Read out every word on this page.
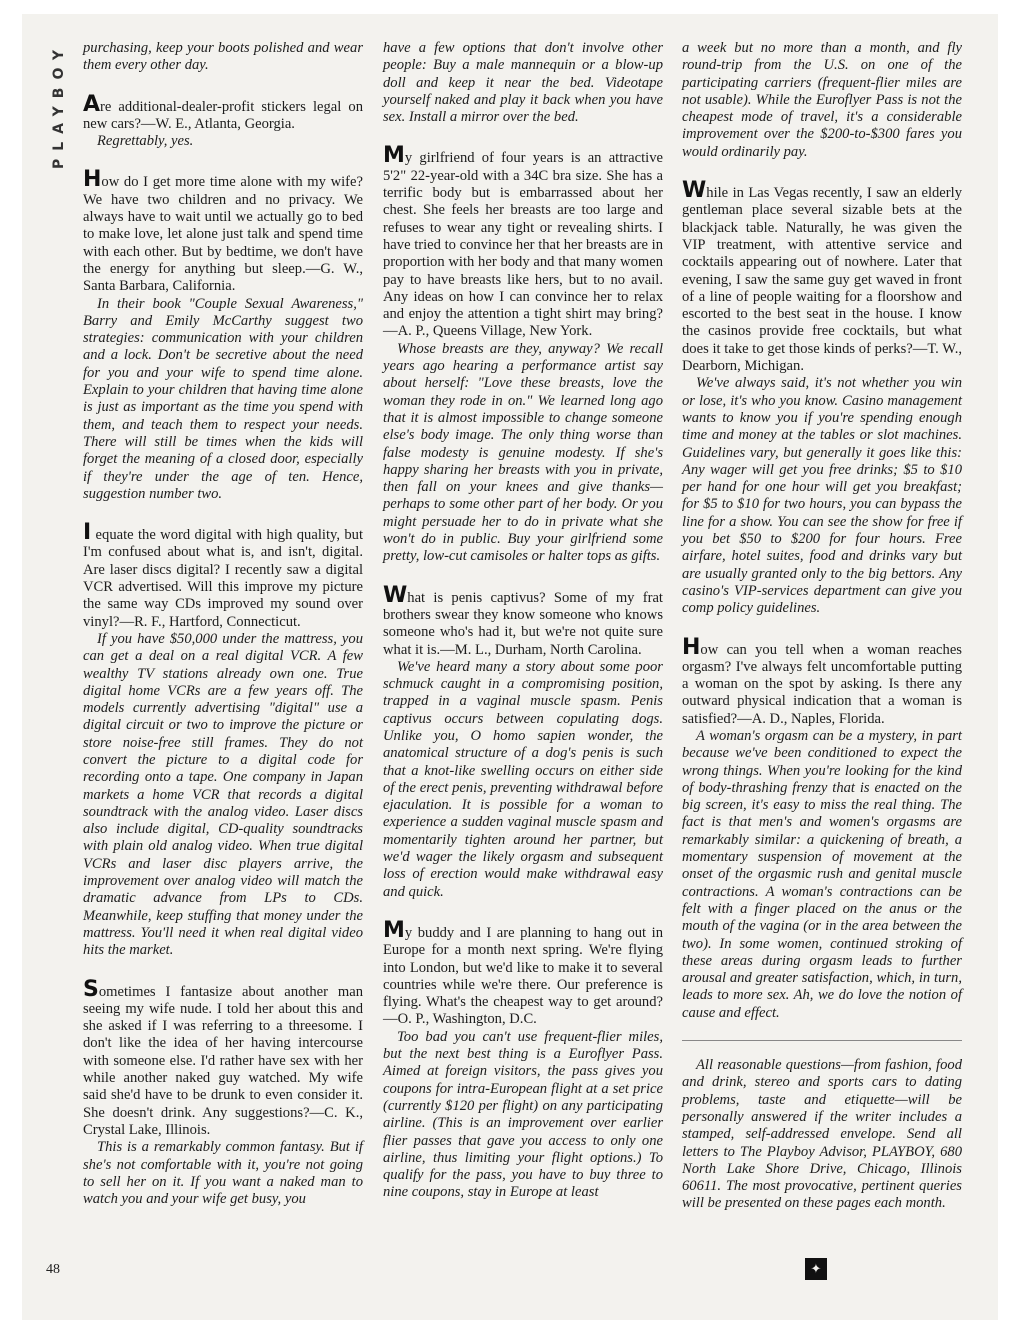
PLAYBOY purchasing, keep your boots polished and wear them every other day.

Are additional-dealer-profit stickers legal on new cars?—W. E., Atlanta, Georgia.

Regrettably, yes.

How do I get more time alone with my wife? We have two children and no privacy. We always have to wait until we actually go to bed to make love, let alone just talk and spend time with each other. But by bedtime, we don't have the energy for anything but sleep.—G. W., Santa Barbara, California.

In their book "Couple Sexual Awareness," Barry and Emily McCarthy suggest two strategies: communication with your children and a lock. Don't be secretive about the need for you and your wife to spend time alone. Explain to your children that having time alone is just as important as the time you spend with them, and teach them to respect your needs. There will still be times when the kids will forget the meaning of a closed door, especially if they're under the age of ten. Hence, suggestion number two.

I equate the word digital with high quality, but I'm confused about what is, and isn't, digital. Are laser discs digital? I recently saw a digital VCR advertised. Will this improve my picture the same way CDs improved my sound over vinyl?—R. F., Hartford, Connecticut.

If you have $50,000 under the mattress, you can get a deal on a real digital VCR. A few wealthy TV stations already own one. True digital home VCRs are a few years off. The models currently advertising "digital" use a digital circuit or two to improve the picture or store noise-free still frames. They do not convert the picture to a digital code for recording onto a tape. One company in Japan markets a home VCR that records a digital soundtrack with the analog video. Laser discs also include digital, CD-quality soundtracks with plain old analog video. When true digital VCRs and laser disc players arrive, the improvement over analog video will match the dramatic advance from LPs to CDs. Meanwhile, keep stuffing that money under the mattress. You'll need it when real digital video hits the market.

Sometimes I fantasize about another man seeing my wife nude. I told her about this and she asked if I was referring to a threesome. I don't like the idea of her having intercourse with someone else. I'd rather have sex with her while another naked guy watched. My wife said she'd have to be drunk to even consider it. She doesn't drink. Any suggestions?—C. K., Crystal Lake, Illinois.

This is a remarkably common fantasy. But if she's not comfortable with it, you're not going to sell her on it. If you want a naked man to watch you and your wife get busy, you

have a few options that don't involve other people: Buy a male mannequin or a blow-up doll and keep it near the bed. Videotape yourself naked and play it back when you have sex. Install a mirror over the bed.

My girlfriend of four years is an attractive 5'2" 22-year-old with a 34C bra size. She has a terrific body but is embarrassed about her chest. She feels her breasts are too large and refuses to wear any tight or revealing shirts. I have tried to convince her that her breasts are in proportion with her body and that many women pay to have breasts like hers, but to no avail. Any ideas on how I can convince her to relax and enjoy the attention a tight shirt may bring?—A. P., Queens Village, New York.

Whose breasts are they, anyway? We recall years ago hearing a performance artist say about herself: "Love these breasts, love the woman they rode in on." We learned long ago that it is almost impossible to change someone else's body image. The only thing worse than false modesty is genuine modesty. If she's happy sharing her breasts with you in private, then fall on your knees and give thanks—perhaps to some other part of her body. Or you might persuade her to do in private what she won't do in public. Buy your girlfriend some pretty, low-cut camisoles or halter tops as gifts.

What is penis captivus? Some of my frat brothers swear they know someone who knows someone who's had it, but we're not quite sure what it is.—M. L., Durham, North Carolina.

We've heard many a story about some poor schmuck caught in a compromising position, trapped in a vaginal muscle spasm. Penis captivus occurs between copulating dogs. Unlike you, O homo sapien wonder, the anatomical structure of a dog's penis is such that a knot-like swelling occurs on either side of the erect penis, preventing withdrawal before ejaculation. It is possible for a woman to experience a sudden vaginal muscle spasm and momentarily tighten around her partner, but we'd wager the likely orgasm and subsequent loss of erection would make withdrawal easy and quick.

My buddy and I are planning to hang out in Europe for a month next spring. We're flying into London, but we'd like to make it to several countries while we're there. Our preference is flying. What's the cheapest way to get around?—O. P., Washington, D.C.

Too bad you can't use frequent-flier miles, but the next best thing is a Euroflyer Pass. Aimed at foreign visitors, the pass gives you coupons for intra-European flight at a set price (currently $120 per flight) on any participating airline. (This is an improvement over earlier flier passes that gave you access to only one airline, thus limiting your flight options.) To qualify for the pass, you have to buy three to nine coupons, stay in Europe at least

a week but no more than a month, and fly round-trip from the U.S. on one of the participating carriers (frequent-flier miles are not usable). While the Euroflyer Pass is not the cheapest mode of travel, it's a considerable improvement over the $200-to-$300 fares you would ordinarily pay.

While in Las Vegas recently, I saw an elderly gentleman place several sizable bets at the blackjack table. Naturally, he was given the VIP treatment, with attentive service and cocktails appearing out of nowhere. Later that evening, I saw the same guy get waved in front of a line of people waiting for a floorshow and escorted to the best seat in the house. I know the casinos provide free cocktails, but what does it take to get those kinds of perks?—T. W., Dearborn, Michigan.

We've always said, it's not whether you win or lose, it's who you know. Casino management wants to know you if you're spending enough time and money at the tables or slot machines. Guidelines vary, but generally it goes like this: Any wager will get you free drinks; $5 to $10 per hand for one hour will get you breakfast; for $5 to $10 for two hours, you can bypass the line for a show. You can see the show for free if you bet $50 to $200 for four hours. Free airfare, hotel suites, food and drinks vary but are usually granted only to the big bettors. Any casino's VIP-services department can give you comp policy guidelines.

How can you tell when a woman reaches orgasm? I've always felt uncomfortable putting a woman on the spot by asking. Is there any outward physical indication that a woman is satisfied?—A. D., Naples, Florida.

A woman's orgasm can be a mystery, in part because we've been conditioned to expect the wrong things. When you're looking for the kind of body-thrashing frenzy that is enacted on the big screen, it's easy to miss the real thing. The fact is that men's and women's orgasms are remarkably similar: a quickening of breath, a momentary suspension of movement at the onset of the orgasmic rush and genital muscle contractions. A woman's contractions can be felt with a finger placed on the anus or the mouth of the vagina (or in the area between the two). In some women, continued stroking of these areas during orgasm leads to further arousal and greater satisfaction, which, in turn, leads to more sex. Ah, we do love the notion of cause and effect.

All reasonable questions—from fashion, food and drink, stereo and sports cars to dating problems, taste and etiquette—will be personally answered if the writer includes a stamped, self-addressed envelope. Send all letters to The Playboy Advisor, PLAYBOY, 680 North Lake Shore Drive, Chicago, Illinois 60611. The most provocative, pertinent queries will be presented on these pages each month.

48	✦
